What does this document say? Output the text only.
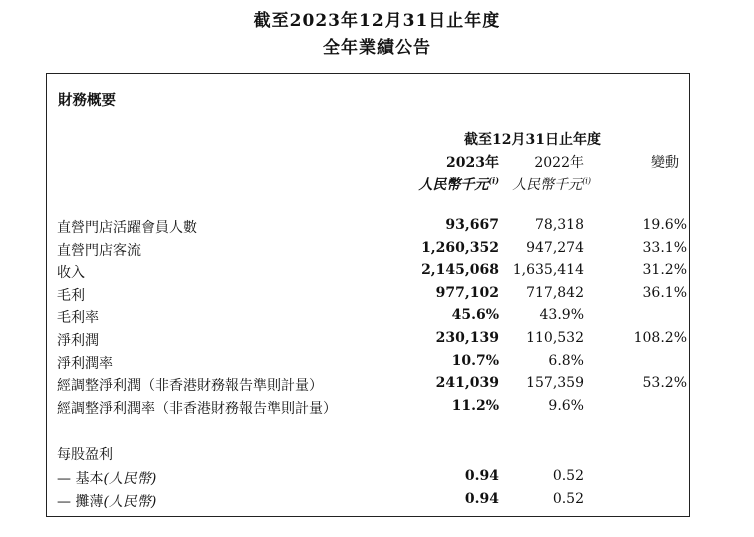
截至2023年12月31日止年度
全年業績公告
財務概要
截至12月31日止年度
2023年	2022年	變動
人民幣千元$^{(i)}$ 人民幣千元$^{(i)}$
直營門店活躍會員人數	93,667	78,318	19.6%
直營門店客流	1,260,352 947,274	33.1%
收入	2,145,068 1,635,414	31.2%
毛利	977,102 717,842	36.1%
毛利率	45.6%	43.9%
淨利潤	230,139 110,532	108.2%
淨利潤率	10.7%	6.8%
經調整淨利潤（非香港財務報告準則計量）	241,039 157,359	53.2%
經調整淨利潤率（非香港財務報告準則計量）	11.2%	9.6%
每股盈利
— 基本(人民幣)	0.94	0.52
— 攤薄(人民幣)	0.94	0.52
